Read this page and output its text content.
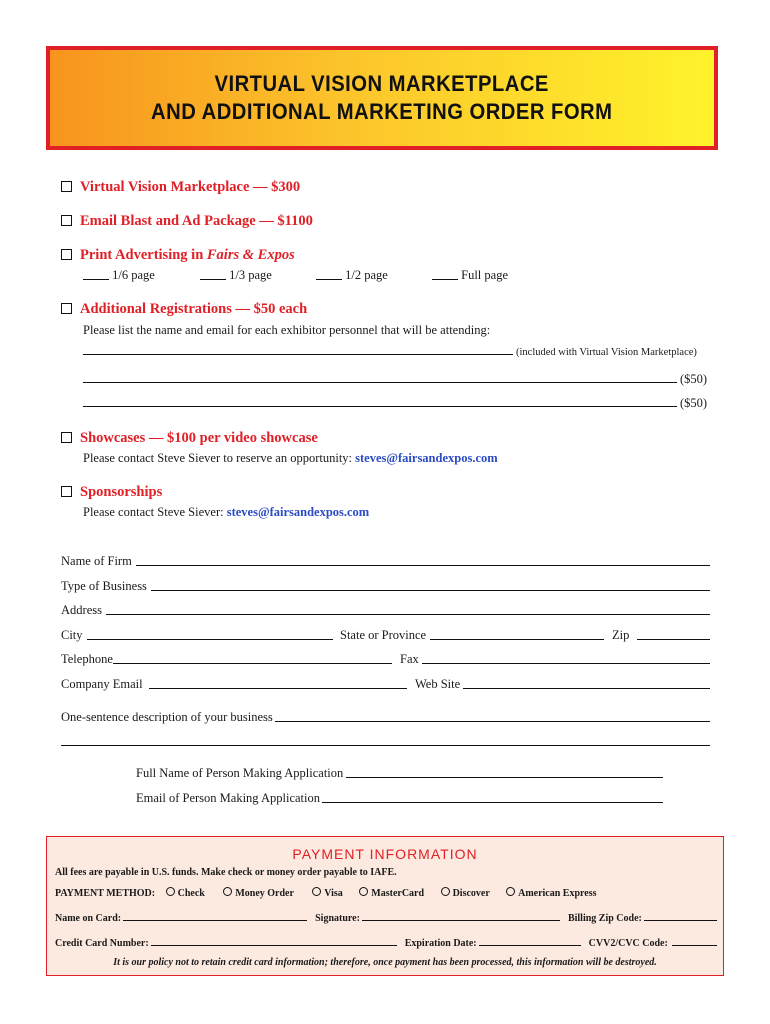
VIRTUAL VISION MARKETPLACE
AND ADDITIONAL MARKETING ORDER FORM
Virtual Vision Marketplace — $300
Email Blast and Ad Package — $1100
Print Advertising in Fairs & Expos
1/6 page	1/3 page	1/2 page	Full page
Additional Registrations — $50 each
Please list the name and email for each exhibitor personnel that will be attending:
(included with Virtual Vision Marketplace)
($50)
($50)
Showcases — $100 per video showcase
Please contact Steve Siever to reserve an opportunity: steves@fairsandexpos.com
Sponsorships
Please contact Steve Siever: steves@fairsandexpos.com
Name of Firm
Type of Business
Address
City	State or Province	Zip
Telephone	Fax
Company Email	Web Site
One-sentence description of your business
Full Name of Person Making Application
Email of Person Making Application
PAYMENT INFORMATION
All fees are payable in U.S. funds. Make check or money order payable to IAFE.
PAYMENT METHOD: Check	Money Order	Visa	MasterCard	Discover	American Express
Name on Card:	Signature:	Billing Zip Code:
Credit Card Number:	Expiration Date:	CVV2/CVC Code:
It is our policy not to retain credit card information; therefore, once payment has been processed, this information will be destroyed.
